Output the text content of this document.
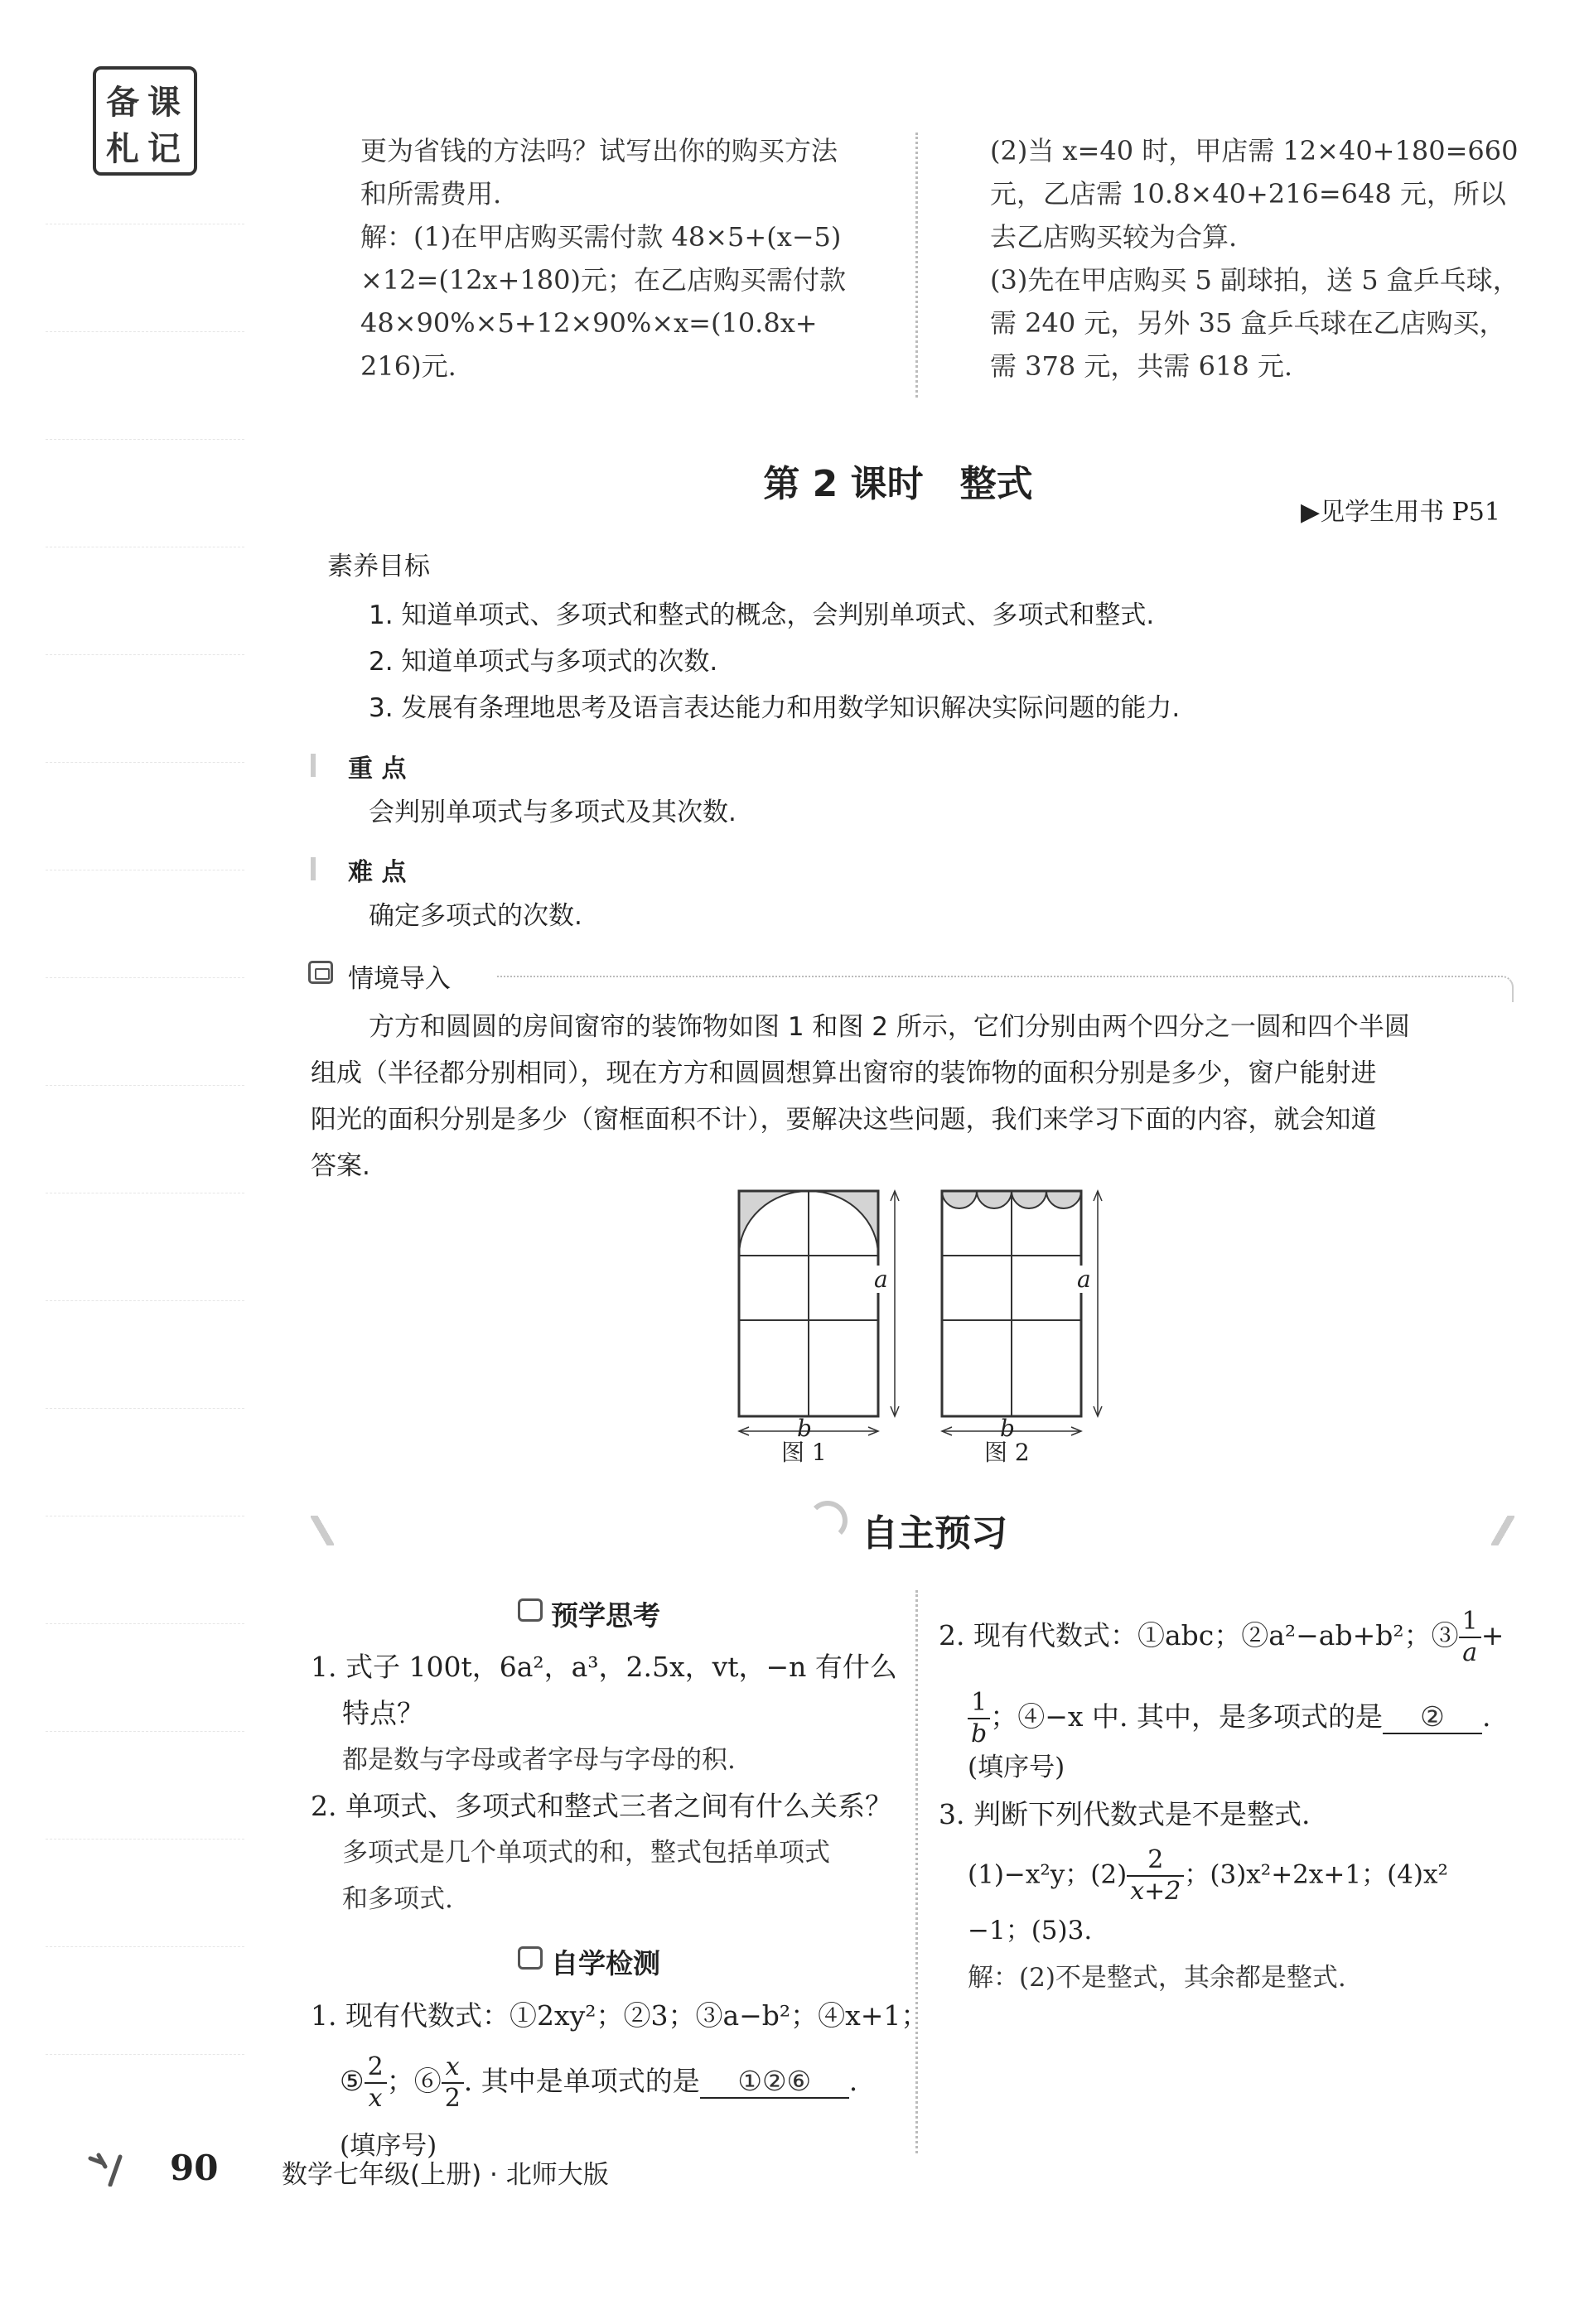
备 课
札 记	更为省钱的方法吗？试写出你的购买方法
和所需费用.
解：(1)在甲店购买需付款 48×5+(x−5)
×12=(12x+180)元；在乙店购买需付款
48×90%×5+12×90%×x=(10.8x+
216)元.
(2)当 x=40 时，甲店需 12×40+180=660
元，乙店需 10.8×40+216=648 元，所以
去乙店购买较为合算.
(3)先在甲店购买 5 副球拍，送 5 盒乒乓球，
需 240 元，另外 35 盒乒乓球在乙店购买，
需 378 元，共需 618 元.
第 2 课时　整式
▶见学生用书 P51
素养目标
1. 知道单项式、多项式和整式的概念，会判别单项式、多项式和整式.
2. 知道单项式与多项式的次数.
3. 发展有条理地思考及语言表达能力和用数学知识解决实际问题的能力.
重 点
会判别单项式与多项式及其次数.
难 点
确定多项式的次数.
情境导入
方方和圆圆的房间窗帘的装饰物如图 1 和图 2 所示，它们分别由两个四分之一圆和四个半圆
组成（半径都分别相同），现在方方和圆圆想算出窗帘的装饰物的面积分别是多少，窗户能射进
阳光的面积分别是多少（窗框面积不计），要解决这些问题，我们来学习下面的内容，就会知道
答案.
a
b
图 1
a
b
图 2
自主预习
预学思考
1. 式子 100t，6a²，a³，2.5x，vt，−n 有什么
特点？
都是数与字母或者字母与字母的积.
2. 单项式、多项式和整式三者之间有什么关系？
多项式是几个单项式的和，整式包括单项式
和多项式.
自学检测
1. 现有代数式：①2xy²；②3；③a−b²；④x+1；
⑤ $\frac{2}{x}$ ；⑥ $\frac{x}{2}$ . 其中是单项式的是 ①②⑥ .
(填序号)
2. 现有代数式：①abc；②a²−ab+b²；③ $\frac{1}{a}$ +
$\frac{1}{b}$ ；④−x 中. 其中，是多项式的是 ② .
(填序号)
3. 判断下列代数式是不是整式.
(1)−x²y；$(2) \frac{2}{x+2}$ ；(3)x²+2x+1；(4)x²
−1；(5)3.
解：(2)不是整式，其余都是整式.
90 数学七年级(上册) · 北师大版
